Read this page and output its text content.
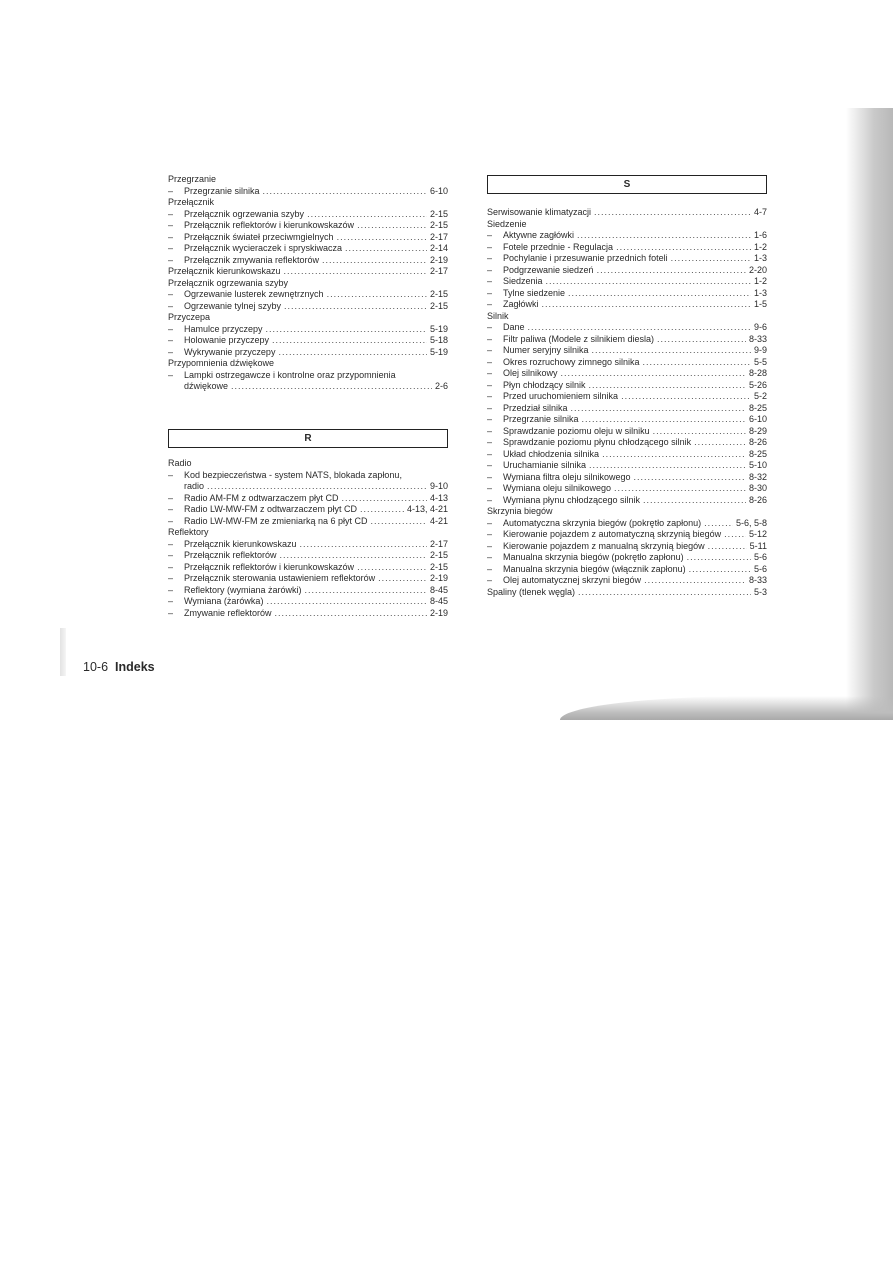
Przegrzanie
–	Przegrzanie silnika .....	6-10
Przełącznik
–	Przełącznik ogrzewania szyby .....	2-15
–	Przełącznik reflektorów i kierunkowskazów .....	2-15
–	Przełącznik świateł przeciwmgielnych .....	2-17
–	Przełącznik wycieraczek i spryskiwacza .....	2-14
–	Przełącznik zmywania reflektorów .....	2-19
Przełącznik kierunkowskazu .....	2-17
Przełącznik ogrzewania szyby
–	Ogrzewanie lusterek zewnętrznych .....	2-15
–	Ogrzewanie tylnej szyby .....	2-15
Przyczepa
–	Hamulce przyczepy .....	5-19
–	Holowanie przyczepy .....	5-18
–	Wykrywanie przyczepy .....	5-19
Przypomnienia dźwiękowe
–	Lampki ostrzegawcze i kontrolne oraz przypomnienia
dźwiękowe .....	2-6
R
Radio
–	Kod bezpieczeństwa - system NATS, blokada zapłonu,
radio .....	9-10
–	Radio AM-FM z odtwarzaczem płyt CD .....	4-13
–	Radio LW-MW-FM z odtwarzaczem płyt CD .....	4-13, 4-21
–	Radio LW-MW-FM ze zmieniarką na 6 płyt CD .....	4-21
Reflektory
–	Przełącznik kierunkowskazu .....	2-17
–	Przełącznik reflektorów .....	2-15
–	Przełącznik reflektorów i kierunkowskazów .....	2-15
–	Przełącznik sterowania ustawieniem reflektorów .....	2-19
–	Reflektory (wymiana żarówki) .....	8-45
–	Wymiana (żarówka) .....	8-45
–	Zmywanie reflektorów .....	2-19
S
Serwisowanie klimatyzacji .....	4-7
Siedzenie
–	Aktywne zagłówki .....	1-6
–	Fotele przednie - Regulacja .....	1-2
–	Pochylanie i przesuwanie przednich foteli .....	1-3
–	Podgrzewanie siedzeń .....	2-20
–	Siedzenia .....	1-2
–	Tylne siedzenie .....	1-3
–	Zagłówki .....	1-5
Silnik
–	Dane .....	9-6
–	Filtr paliwa (Modele z silnikiem diesla) .....	8-33
–	Numer seryjny silnika .....	9-9
–	Okres rozruchowy zimnego silnika .....	5-5
–	Olej silnikowy .....	8-28
–	Płyn chłodzący silnik .....	5-26
–	Przed uruchomieniem silnika .....	5-2
–	Przedział silnika .....	8-25
–	Przegrzanie silnika .....	6-10
–	Sprawdzanie poziomu oleju w silniku .....	8-29
–	Sprawdzanie poziomu płynu chłodzącego silnik .....	8-26
–	Układ chłodzenia silnika .....	8-25
–	Uruchamianie silnika .....	5-10
–	Wymiana filtra oleju silnikowego .....	8-32
–	Wymiana oleju silnikowego .....	8-30
–	Wymiana płynu chłodzącego silnik .....	8-26
Skrzynia biegów
–	Automatyczna skrzynia biegów (pokrętło zapłonu) .....	5-6, 5-8
–	Kierowanie pojazdem z automatyczną skrzynią biegów .....	5-12
–	Kierowanie pojazdem z manualną skrzynią biegów .....	5-11
–	Manualna skrzynia biegów (pokrętło zapłonu) .....	5-6
–	Manualna skrzynia biegów (włącznik zapłonu) .....	5-6
–	Olej automatycznej skrzyni biegów .....	8-33
Spaliny (tlenek węgla) .....	5-3
10-6 Indeks
